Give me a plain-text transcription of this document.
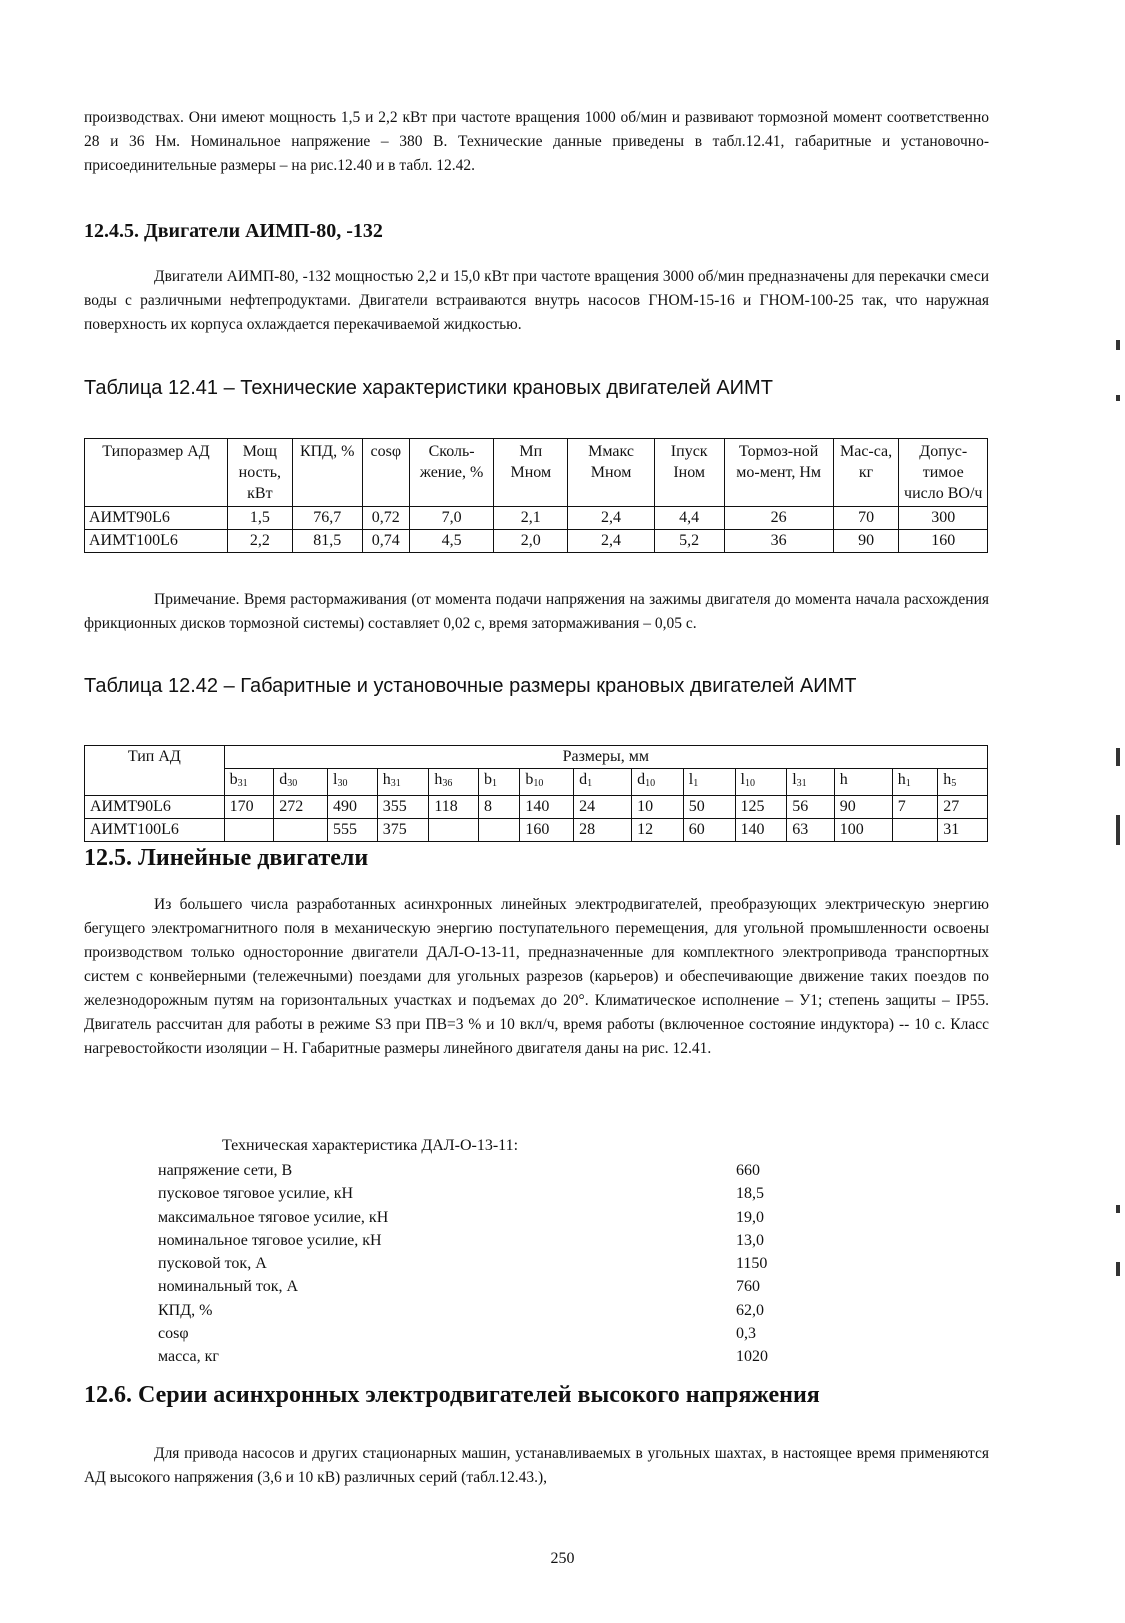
производствах. Они имеют мощность 1,5 и 2,2 кВт при частоте вращения 1000 об/мин и развивают тормозной момент соответственно 28 и 36 Нм. Номинальное напряжение – 380 В. Технические данные приведены в табл.12.41, габаритные и установочно-присоединительные размеры – на рис.12.40 и в табл. 12.42.

12.4.5. Двигатели АИМП-80, -132

Двигатели АИМП-80, -132 мощностью 2,2 и 15,0 кВт при частоте вращения 3000 об/мин предназначены для перекачки смеси воды с различными нефтепродуктами. Двигатели встраиваются внутрь насосов ГНОМ-15-16 и ГНОМ-100-25 так, что наружная поверхность их корпуса охлаждается перекачиваемой жидкостью.

Таблица 12.41 – Технические характеристики крановых двигателей АИМТ

Типоразмер АД	Мощ ность, кВт	КПД, %	cosφ	Сколь-жение, %	Мп Мном	Ммакс Мном	Iпуск Iном	Тормоз-ной мо-мент, Нм	Мас-са, кг	Допус-тимое число ВО/ч
АИМТ90L6	1,5	76,7	0,72	7,0	2,1	2,4	4,4	26	70	300
АИМТ100L6	2,2	81,5	0,74	4,5	2,0	2,4	5,2	36	90	160

Примечание. Время растормаживания (от момента подачи напряжения на зажимы двигателя до момента начала расхождения фрикционных дисков тормозной системы) составляет 0,02 с, время затормаживания – 0,05 с.

Таблица 12.42 – Габаритные и установочные размеры крановых двигателей АИМТ

Тип АД	Размеры, мм														
	$b_{31}$	$d_{30}$	$l_{30}$	$h_{31}$	$h_{36}$	$b_1$	$b_{10}$	$d_1$	$d_{10}$	$l_1$	$l_{10}$	$l_{31}$	h	$h_1$	$h_5$
АИМТ90L6	170	272	490	355	118	8	140	24	10	50	125	56	90	7	27
АИМТ100L6			555	375			160	28	12	60	140	63	100		31
12.5. Линейные двигатели

Из большего числа разработанных асинхронных линейных электродвигателей, преобразующих электрическую энергию бегущего электромагнитного поля в механическую энергию поступательного перемещения, для угольной промышленности освоены производством только односторонние двигатели ДАЛ-О-13-11, предназначенные для комплектного электропривода транспортных систем с конвейерными (тележечными) поездами для угольных разрезов (карьеров) и обеспечивающие движение таких поездов по железнодорожным путям на горизонтальных участках и подъемах до 20°. Климатическое исполнение – У1; степень защиты – IP55. Двигатель рассчитан для работы в режиме S3 при ПВ=3 % и 10 вкл/ч, время работы (включенное состояние индуктора) -- 10 с. Класс нагревостойкости изоляции – Н. Габаритные размеры линейного двигателя даны на рис. 12.41.

Техническая характеристика ДАЛ-О-13-11:

напряжение сети, В	660
пусковое тяговое усилие, кН	18,5
максимальное тяговое усилие, кН	19,0
номинальное тяговое усилие, кН	13,0
пусковой ток, А	1150
номинальный ток, А	760
КПД, %	62,0
cosφ	0,3
масса, кг	1020
12.6. Серии асинхронных электродвигателей высокого напряжения

Для привода насосов и других стационарных машин, устанавливаемых в угольных шахтах, в настоящее время применяются АД высокого напряжения (3,6 и 10 кВ) различных серий (табл.12.43.),

250
